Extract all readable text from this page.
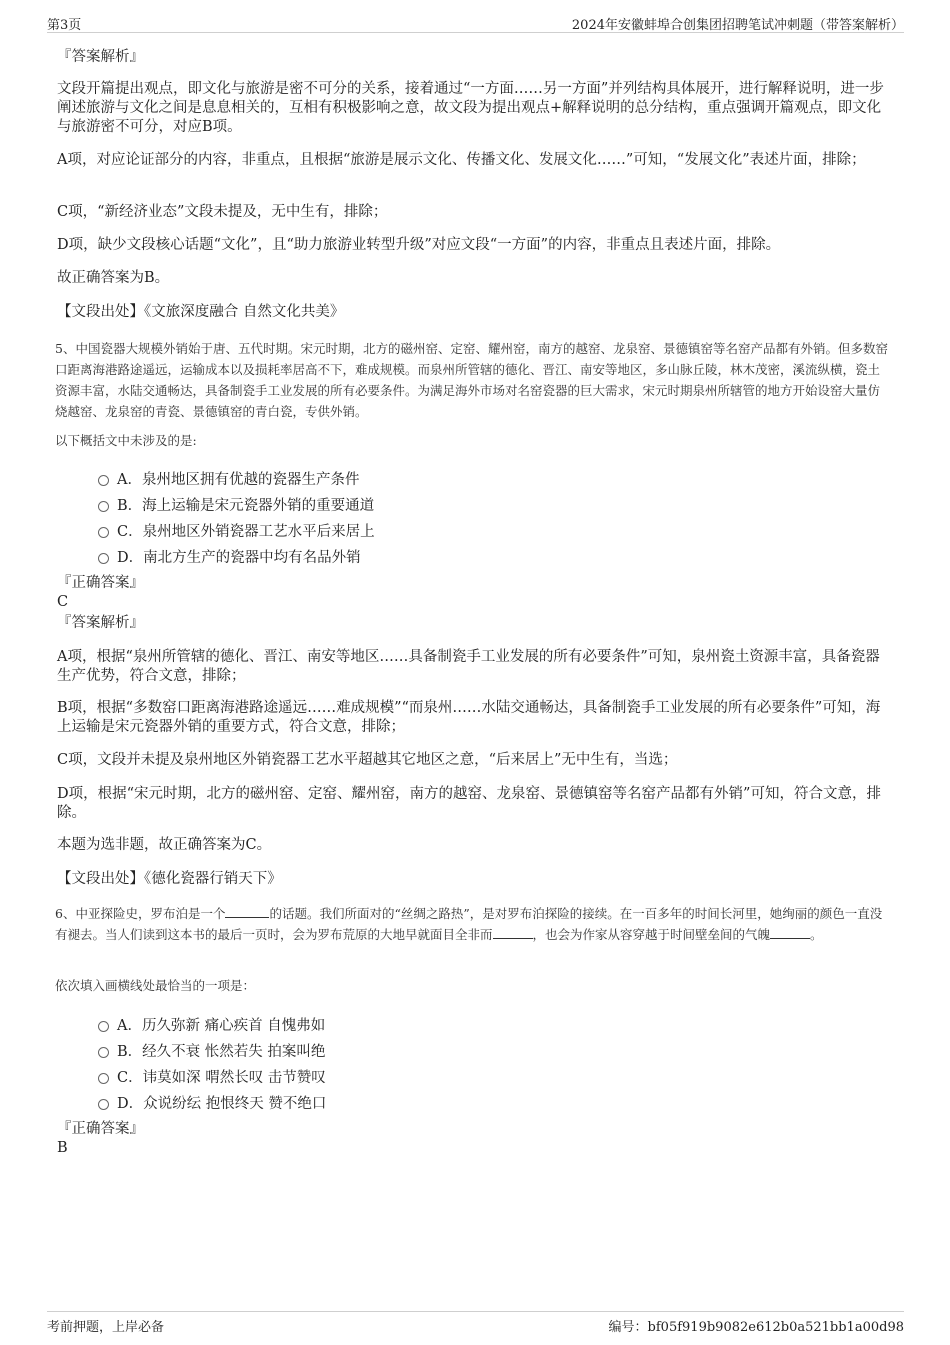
第3页	2024年安徽蚌埠合创集团招聘笔试冲刺题（带答案解析）
『答案解析』
文段开篇提出观点，即文化与旅游是密不可分的关系，接着通过“一方面……另一方面”并列结构具体展开，进行解释说明，进一步阐述旅游与文化之间是息息相关的，互相有积极影响之意，故文段为提出观点+解释说明的总分结构，重点强调开篇观点，即文化与旅游密不可分，对应B项。
A项，对应论证部分的内容，非重点，且根据“旅游是展示文化、传播文化、发展文化……”可知，“发展文化”表述片面，排除；
C项，“新经济业态”文段未提及，无中生有，排除；
D项，缺少文段核心话题“文化”，且“助力旅游业转型升级”对应文段“一方面”的内容，非重点且表述片面，排除。
故正确答案为B。
【文段出处】《文旅深度融合 自然文化共美》
5、中国瓷器大规模外销始于唐、五代时期。宋元时期，北方的磁州窑、定窑、耀州窑，南方的越窑、龙泉窑、景德镇窑等名窑产品都有外销。但多数窑口距离海港路途遥远，运输成本以及损耗率居高不下，难成规模。而泉州所管辖的德化、晋江、南安等地区，多山脉丘陵，林木茂密，溪流纵横，瓷土资源丰富，水陆交通畅达，具备制瓷手工业发展的所有必要条件。为满足海外市场对名窑瓷器的巨大需求，宋元时期泉州所辖管的地方开始设窑大量仿烧越窑、龙泉窑的青瓷、景德镇窑的青白瓷，专供外销。
以下概括文中未涉及的是:
A．泉州地区拥有优越的瓷器生产条件
B．海上运输是宋元瓷器外销的重要通道
C．泉州地区外销瓷器工艺水平后来居上
D．南北方生产的瓷器中均有名品外销
『正确答案』
C
『答案解析』
A项，根据“泉州所管辖的德化、晋江、南安等地区……具备制瓷手工业发展的所有必要条件”可知，泉州瓷土资源丰富，具备瓷器生产优势，符合文意，排除；
B项，根据“多数窑口距离海港路途遥远……难成规模”“而泉州……水陆交通畅达，具备制瓷手工业发展的所有必要条件”可知，海上运输是宋元瓷器外销的重要方式，符合文意，排除；
C项，文段并未提及泉州地区外销瓷器工艺水平超越其它地区之意，“后来居上”无中生有，当选；
D项，根据“宋元时期，北方的磁州窑、定窑、耀州窑，南方的越窑、龙泉窑、景德镇窑等名窑产品都有外销”可知，符合文意，排除。
本题为选非题，故正确答案为C。
【文段出处】《德化瓷器行销天下》
6、中亚探险史，罗布泊是一个	的话题。我们所面对的“丝绸之路热”，是对罗布泊探险的接续。在一百多年的时间长河里，她绚丽的颜色一直没有褪去。当人们读到这本书的最后一页时，会为罗布荒原的大地早就面目全非而	，也会为作家从容穿越于时间壁垒间的气魄	。
依次填入画横线处最恰当的一项是：
A．历久弥新 痛心疾首 自愧弗如
B．经久不衰 怅然若失 拍案叫绝
C．讳莫如深 喟然长叹 击节赞叹
D．众说纷纭 抱恨终天 赞不绝口
『正确答案』
B
考前押题，上岸必备	编号：bf05f919b9082e612b0a521bb1a00d98
